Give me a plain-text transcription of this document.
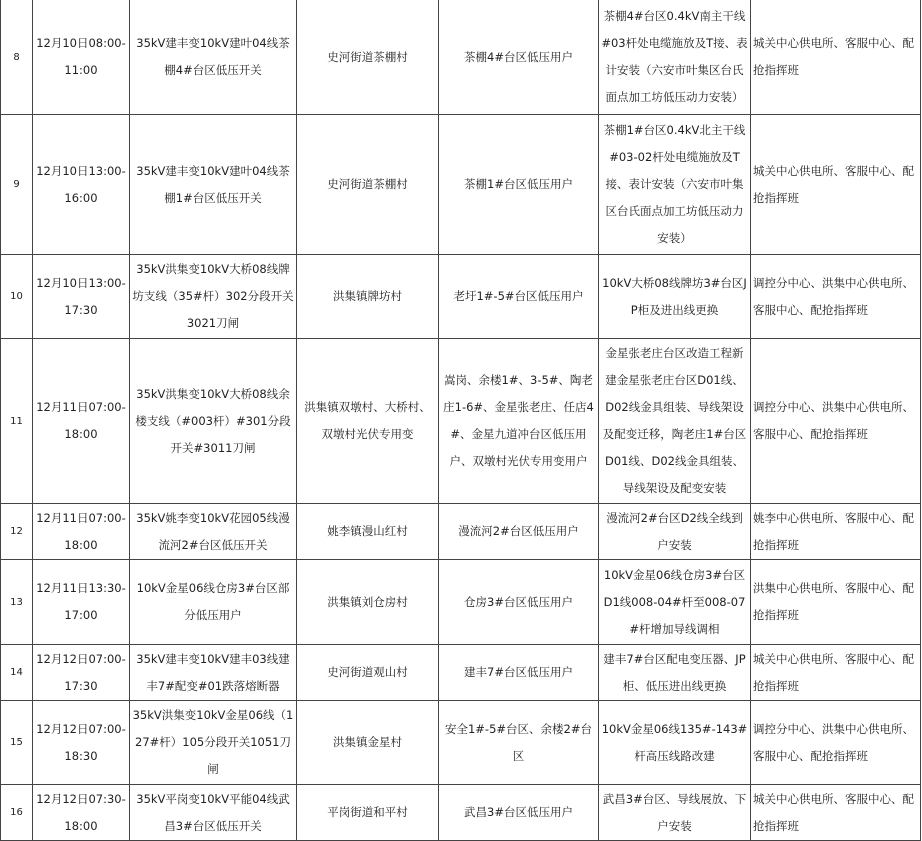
8	12月10日08:00-11:00	35kV建丰变10kV建叶04线茶棚4#台区低压开关	史河街道茶棚村	茶棚4#台区低压用户	茶棚4#台区0.4kV南主干线#03杆处电缆施放及T接、表计安装（六安市叶集区台氏面点加工坊低压动力安装）	城关中心供电所、客服中心、配抢指挥班
9	12月10日13:00-16:00	35kV建丰变10kV建叶04线茶棚1#台区低压开关	史河街道茶棚村	茶棚1#台区低压用户	茶棚1#台区0.4kV北主干线#03-02杆处电缆施放及T接、表计安装（六安市叶集区台氏面点加工坊低压动力安装）	城关中心供电所、客服中心、配抢指挥班
10	12月10日13:00-17:30	35kV洪集变10kV大桥08线牌坊支线（35#杆）302分段开关3021刀闸	洪集镇牌坊村	老圩1#-5#台区低压用户	10kV大桥08线牌坊3#台区JP柜及进出线更换	调控分中心、洪集中心供电所、客服中心、配抢指挥班
11	12月11日07:00-18:00	35kV洪集变10kV大桥08线余楼支线（#003杆）#301分段开关#3011刀闸	洪集镇双墩村、大桥村、双墩村光伏专用变	嵩岗、余楼1#、3-5#、陶老庄1-6#、金星张老庄、任店4#、金星九道冲台区低压用户、双墩村光伏专用变用户	金星张老庄台区改造工程新建金星张老庄台区D01线、D02线金具组装、导线架设及配变迁移，陶老庄1#台区D01线、D02线金具组装、导线架设及配变安装	调控分中心、洪集中心供电所、客服中心、配抢指挥班
12	12月11日07:00-18:00	35kV姚李变10kV花园05线漫流河2#台区低压开关	姚李镇漫山红村	漫流河2#台区低压用户	漫流河2#台区D2线全线到户安装	姚李中心供电所、客服中心、配抢指挥班
13	12月11日13:30-17:00	10kV金星06线仓房3#台区部分低压用户	洪集镇刘仓房村	仓房3#台区低压用户	10kV金星06线仓房3#台区D1线008-04#杆至008-07#杆增加导线调相	洪集中心供电所、客服中心、配抢指挥班
14	12月12日07:00-17:30	35kV建丰变10kV建丰03线建丰7#配变#01跌落熔断器	史河街道观山村	建丰7#台区低压用户	建丰7#台区配电变压器、JP柜、低压进出线更换	城关中心供电所、客服中心、配抢指挥班
15	12月12日07:00-18:30	35kV洪集变10kV金星06线（127#杆）105分段开关1051刀闸	洪集镇金星村	安全1#-5#台区、余楼2#台区	10kV金星06线135#-143#杆高压线路改建	调控分中心、洪集中心供电所、客服中心、配抢指挥班
16	12月12日07:30-18:00	35kV平岗变10kV平能04线武昌3#台区低压开关	平岗街道和平村	武昌3#台区低压用户	武昌3#台区、导线展放、下户安装	城关中心供电所、客服中心、配抢指挥班
